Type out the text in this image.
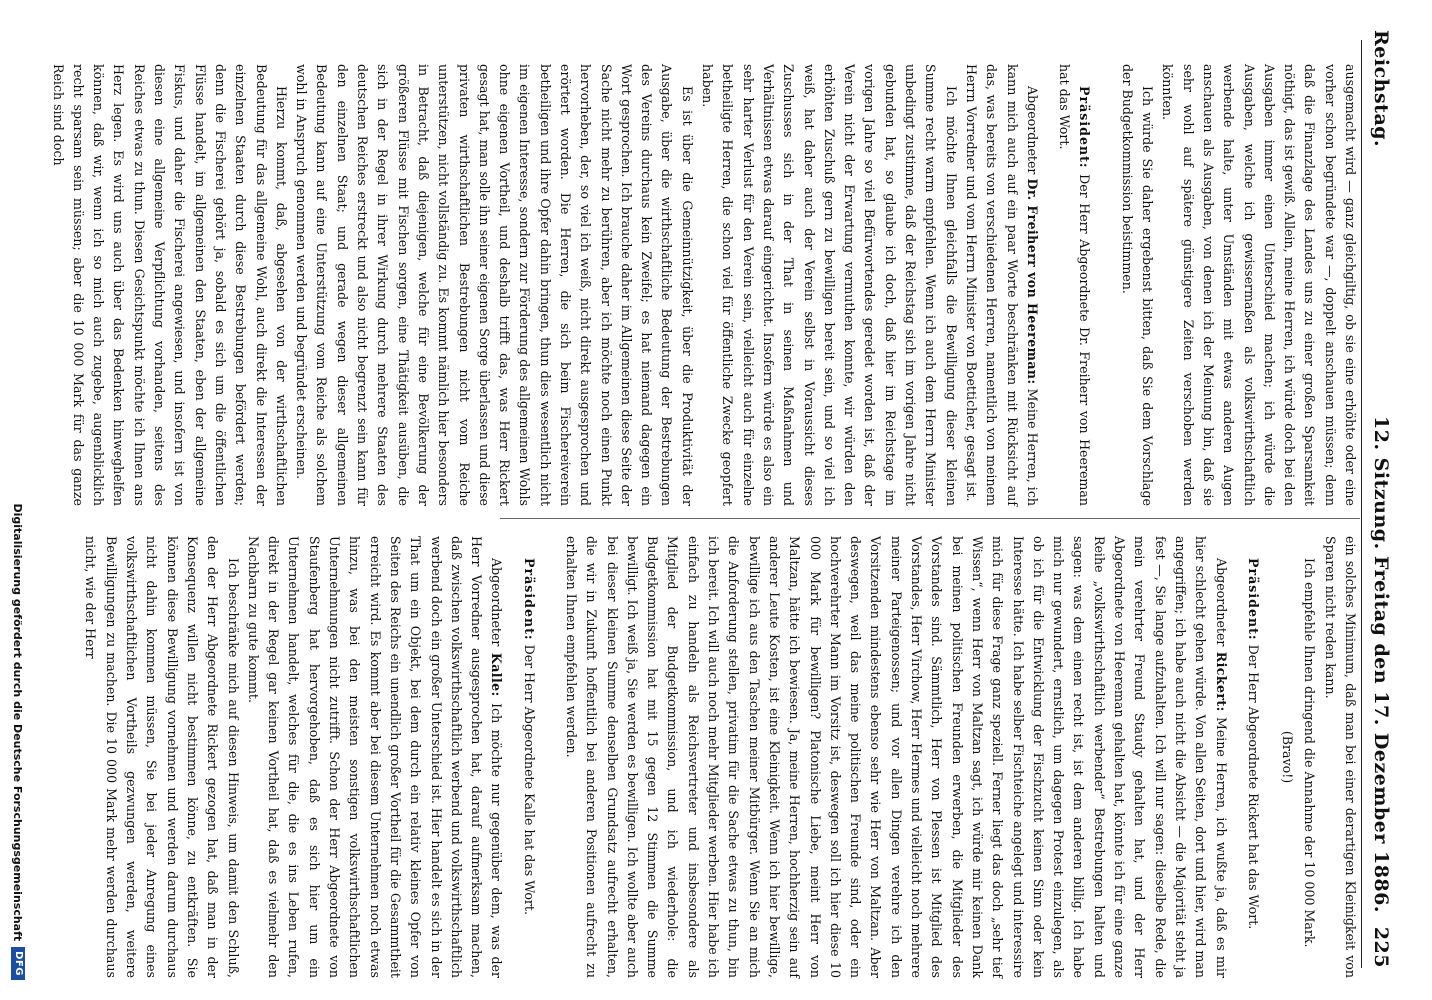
Reichstag.
12. Sitzung.
Freitag den 17. Dezember 1886.
225

ausgemacht wird — ganz gleichgiltig, ob sie eine erhöhte oder eine vorher schon begründete war —, doppelt anschauen müssen; denn daß die Finanzlage des Landes uns zu einer großen Sparsamkeit nöthigt, das ist gewiß. Allein, meine Herren, ich würde doch bei den Ausgaben immer einen Unterschied machen; ich würde die Ausgaben, welche ich gewissermaßen als volkswirthschaftlich werbende halte, unter Umständen mit etwas anderen Augen anschauen als Ausgaben, von denen ich der Meinung bin, daß sie sehr wohl auf spätere günstigere Zeiten verschoben werden könnten.

Ich würde Sie daher ergebenst bitten, daß Sie dem Vorschlage der Budgetkommission beistimmen.

Präsident: Der Herr Abgeordnete Dr. Freiherr von Heereman hat das Wort.

Abgeordneter Dr. Freiherr von Heereman: Meine Herren, ich kann mich auch auf ein paar Worte beschränken mit Rücksicht auf das, was bereits von verschiedenen Herren, namentlich von meinem Herrn Vorredner und vom Herrn Minister von Boetticher, gesagt ist.

Ich möchte Ihnen gleichfalls die Bewilligung dieser kleinen Summe recht warm empfehlen. Wenn ich auch dem Herrn Minister unbedingt zustimme, daß der Reichstag sich im vorigen Jahre nicht gebunden hat, so glaube ich doch, daß hier im Reichstage im vorigen Jahre so viel Befürwortendes geredet worden ist, daß der Verein nicht der Erwartung vermuthen konnte, wir würden den erhöhten Zuschuß gern zu bewilligen bereit sein, und so viel ich weiß, hat daher auch der Verein selbst in Voraussicht dieses Zuschusses sich in der That in seinen Maßnahmen und Verhältnissen etwas darauf eingerichtet. Insofern würde es also ein sehr harter Verlust für den Verein sein, vielleicht auch für einzelne betheiligte Herren, die schon viel für öffentliche Zwecke geopfert haben.

Es ist über die Gemeinnützigkeit, über die Produktivität der Ausgabe, über die wirthschaftliche Bedeutung der Bestrebungen des Vereins durchaus kein Zweifel; es hat niemand dagegen ein Wort gesprochen. Ich brauche daher im Allgemeinen diese Seite der Sache nicht mehr zu berühren, aber ich möchte noch einen Punkt hervorheben, der, so viel ich weiß, nicht direkt ausgesprochen und erörtert worden. Die Herren, die sich beim Fischereiverein betheiligen und ihre Opfer dahin bringen, thun dies wesentlich nicht im eigenen Interesse, sondern zur Förderung des allgemeinen Wohls ohne eigenen Vortheil, und deshalb trifft das, was Herr Rickert gesagt hat, man solle ihn seiner eigenen Sorge überlassen und diese privaten wirthschaftlichen Bestrebungen nicht vom Reiche unterstützen, nicht vollständig zu. Es kommt nämlich hier besonders in Betracht, daß diejenigen, welche für eine Bevölkerung der größeren Flüsse mit Fischen sorgen, eine Thätigkeit ausüben, die sich in der Regel in ihrer Wirkung durch mehrere Staaten des deutschen Reiches erstreckt und also nicht begrenzt sein kann für den einzelnen Staat; und gerade wegen dieser allgemeinen Bedeutung kann auf eine Unterstützung vom Reiche als solchem wohl in Anspruch genommen werden und begründet erscheinen.

Hierzu kommt, daß, abgesehen von der wirthschaftlichen Bedeutung für das allgemeine Wohl, auch direkt die Interessen der einzelnen Staaten durch diese Bestrebungen befördert werden; denn die Fischerei gehört ja, sobald es sich um die öffentlichen Flüsse handelt, im allgemeinen den Staaten, eben der allgemeine Fiskus, und daher die Fischerei angewiesen, und insofern ist von diesen eine allgemeine Verpflichtung vorhanden, seitens des Reiches etwas zu thun. Diesen Gesichtspunkt möchte ich Ihnen ans Herz legen. Es wird uns auch über das Bedenken hinweghelfen können, daß wir, wenn ich so mich auch zugebe, augenblicklich recht sparsam sein müssen; aber die 10 000 Mark für das ganze Reich sind doch

ein solches Minimum, daß man bei einer derartigen Kleinigkeit von Sparen nicht reden kann.

Ich empfehle Ihnen dringend die Annahme der 10 000 Mark.

(Bravo!)

Präsident: Der Herr Abgeordnete Rickert hat das Wort.

Abgeordneter Rickert: Meine Herren, ich wußte ja, daß es mir hier schlecht gehen würde. Von allen Seiten, dort und hier, wird man angegriffen; ich habe auch nicht die Absicht — die Majorität steht ja fest —, Sie lange aufzuhalten. Ich will nur sagen: dieselbe Rede, die mein verehrter Freund Staudy gehalten hat, und der Herr Abgeordnete von Heereman gehalten hat, könnte ich für eine ganze Reihe „volkswirthschaftlich werbender“ Bestrebungen halten und sagen: was dem einen recht ist, ist dem anderen billig. Ich habe mich nur gewundert, ernstlich, um dagegen Protest einzulegen, als ob ich für die Entwicklung der Fischzucht keinen Sinn oder kein Interesse hätte. Ich habe selber Fischteiche angelegt und interessire mich für diese Frage ganz speziell. Ferner liegt das doch „sehr tief Wissen“, wenn Herr von Maltzan sagt, ich würde mir keinen Dank bei meinen politischen Freunden erwerben, die Mitglieder des Vorstandes sind. Sämmtlich, Herr von Plessen ist Mitglied des Vorstandes, Herr Virchow, Herr Hermes und vielleicht noch mehrere meiner Parteigenossen; und vor allen Dingen verehre ich den Vorsitzenden mindestens ebenso sehr wie Herr von Maltzan. Aber deswegen, weil das meine politischen Freunde sind, oder ein hochverehrter Mann im Vorsitz ist, deswegen soll ich hier diese 10 000 Mark für bewilligen? Platonische Liebe, meint Herr von Maltzan, hätte ich bewiesen. Ja, meine Herren, hochherzig sein auf anderer Leute Kosten, ist eine Kleinigkeit. Wenn ich hier bewillige, bewillige ich aus den Taschen meiner Mitbürger. Wenn Sie an mich die Anforderung stellen, privatim für die Sache etwas zu thun, bin ich bereit. Ich will auch noch mehr Mitglieder werben. Hier habe ich einfach zu handeln als Reichsvertreter und insbesondere als Mitglied der Budgetkommission, und ich wiederhole: die Budgetkommission hat mit 15 gegen 12 Stimmen die Summe bewilligt. Ich weiß ja, Sie werden es bewilligen. Ich wollte aber auch bei dieser kleinen Summe denselben Grundsatz aufrecht erhalten, die wir in Zukunft hoffentlich bei anderen Positionen aufrecht zu erhalten Ihnen empfehlen werden.

Präsident: Der Herr Abgeordnete Kalle hat das Wort.

Abgeordneter Kalle: Ich möchte nur gegenüber dem, was der Herr Vorredner ausgesprochen hat, darauf aufmerksam machen, daß zwischen volkswirthschaftlich werbend und volkswirthschaftlich werbend doch ein großer Unterschied ist. Hier handelt es sich in der That um ein Objekt, bei dem durch ein relativ kleines Opfer von Seiten des Reichs ein unendlich großer Vortheil für die Gesammtheit erreicht wird. Es kommt aber bei diesem Unternehmen noch etwas hinzu, was bei den meisten sonstigen volkswirthschaftlichen Unternehmungen nicht zutrifft. Schon der Herr Abgeordnete von Staufenberg hat hervorgehoben, daß es sich hier um ein Unternehmen handelt, welches für die, die es ins Leben rufen, direkt in der Regel gar keinen Vortheil hat, daß es vielmehr den Nachbarn zu gute kommt.

Ich beschränke mich auf diesen Hinweis, um damit den Schluß, den der Herr Abgeordnete Rickert gezogen hat, daß man in der Konsequenz willen nicht bestimmen könne, zu entkräften. Sie können diese Bewilligung vornehmen und werden darum durchaus nicht dahin kommen müssen, Sie bei jeder Anregung eines volkswirthschaftlichen Vortheils gezwungen werden, weitere Bewilligungen zu machen. Die 10 000 Mark mehr werden durchaus nicht, wie der Herr

Digitalisierung gefördert durch die Deutsche Forschungsgemeinschaft
DFG
